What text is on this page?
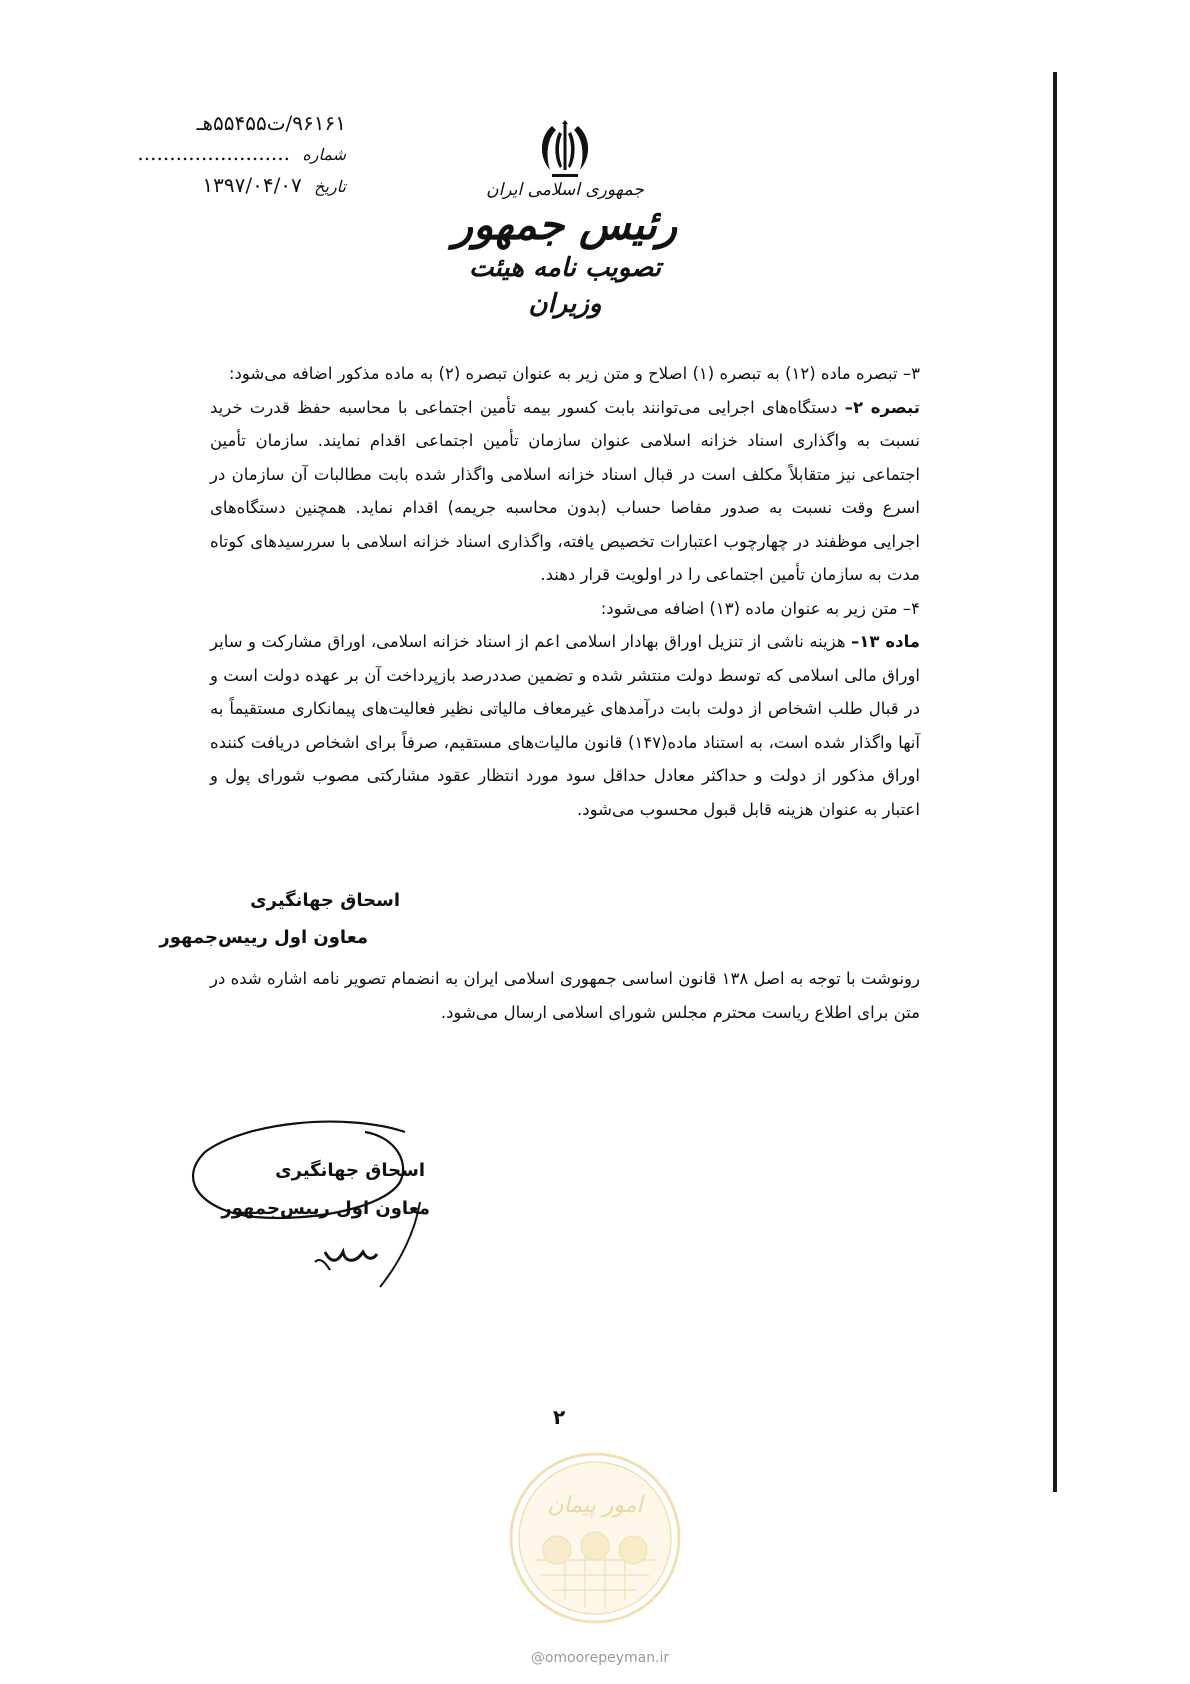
۹۶۱۶۱/ت۵۵۴۵۵هـ
شماره ........................
تاریخ ۱۳۹۷/۰۴/۰۷	جمهوری اسلامی ایران
رئیس جمهور
تصویب نامه هیئت وزیران

۳– تبصره ماده (۱۲) به تبصره (۱) اصلاح و متن زیر به عنوان تبصره (۲) به ماده مذکور اضافه می‌شود:

تبصره ۲– دستگاه‌های اجرایی می‌توانند بابت کسور بیمه تأمین اجتماعی با محاسبه حفظ قدرت خرید نسبت به واگذاری اسناد خزانه اسلامی عنوان سازمان تأمین اجتماعی اقدام نمایند. سازمان تأمین اجتماعی نیز متقابلاً مکلف است در قبال اسناد خزانه اسلامی واگذار شده بابت مطالبات آن سازمان در اسرع وقت نسبت به صدور مفاصا حساب (بدون محاسبه جریمه) اقدام نماید. همچنین دستگاه‌های اجرایی موظفند در چهارچوب اعتبارات تخصیص یافته، واگذاری اسناد خزانه اسلامی با سررسیدهای کوتاه مدت به سازمان تأمین اجتماعی را در اولویت قرار دهند.

۴– متن زیر به عنوان ماده (۱۳) اضافه می‌شود:

ماده ۱۳– هزینه ناشی از تنزیل اوراق بهادار اسلامی اعم از اسناد خزانه اسلامی، اوراق مشارکت و سایر اوراق مالی اسلامی که توسط دولت منتشر شده و تضمین صددرصد بازپرداخت آن بر عهده دولت است و در قبال طلب اشخاص از دولت بابت درآمدهای غیرمعاف مالیاتی نظیر فعالیت‌های پیمانکاری مستقیماً به آنها واگذار شده است، به استناد ماده(۱۴۷) قانون مالیات‌های مستقیم، صرفاً برای اشخاص دریافت کننده اوراق مذکور از دولت و حداکثر معادل حداقل سود مورد انتظار عقود مشارکتی مصوب شورای پول و اعتبار به عنوان هزینه قابل قبول محسوب می‌شود.

اسحاق جهانگیری
معاون اول رییس‌جمهور

رونوشت با توجه به اصل ۱۳۸ قانون اساسی جمهوری اسلامی ایران به انضمام تصویر نامه اشاره شده در متن برای اطلاع ریاست محترم مجلس شورای اسلامی ارسال می‌شود.

اسحاق جهانگیری
معاون اول رییس‌جمهور
۲
امور پیمان
@omoorepeyman.ir
